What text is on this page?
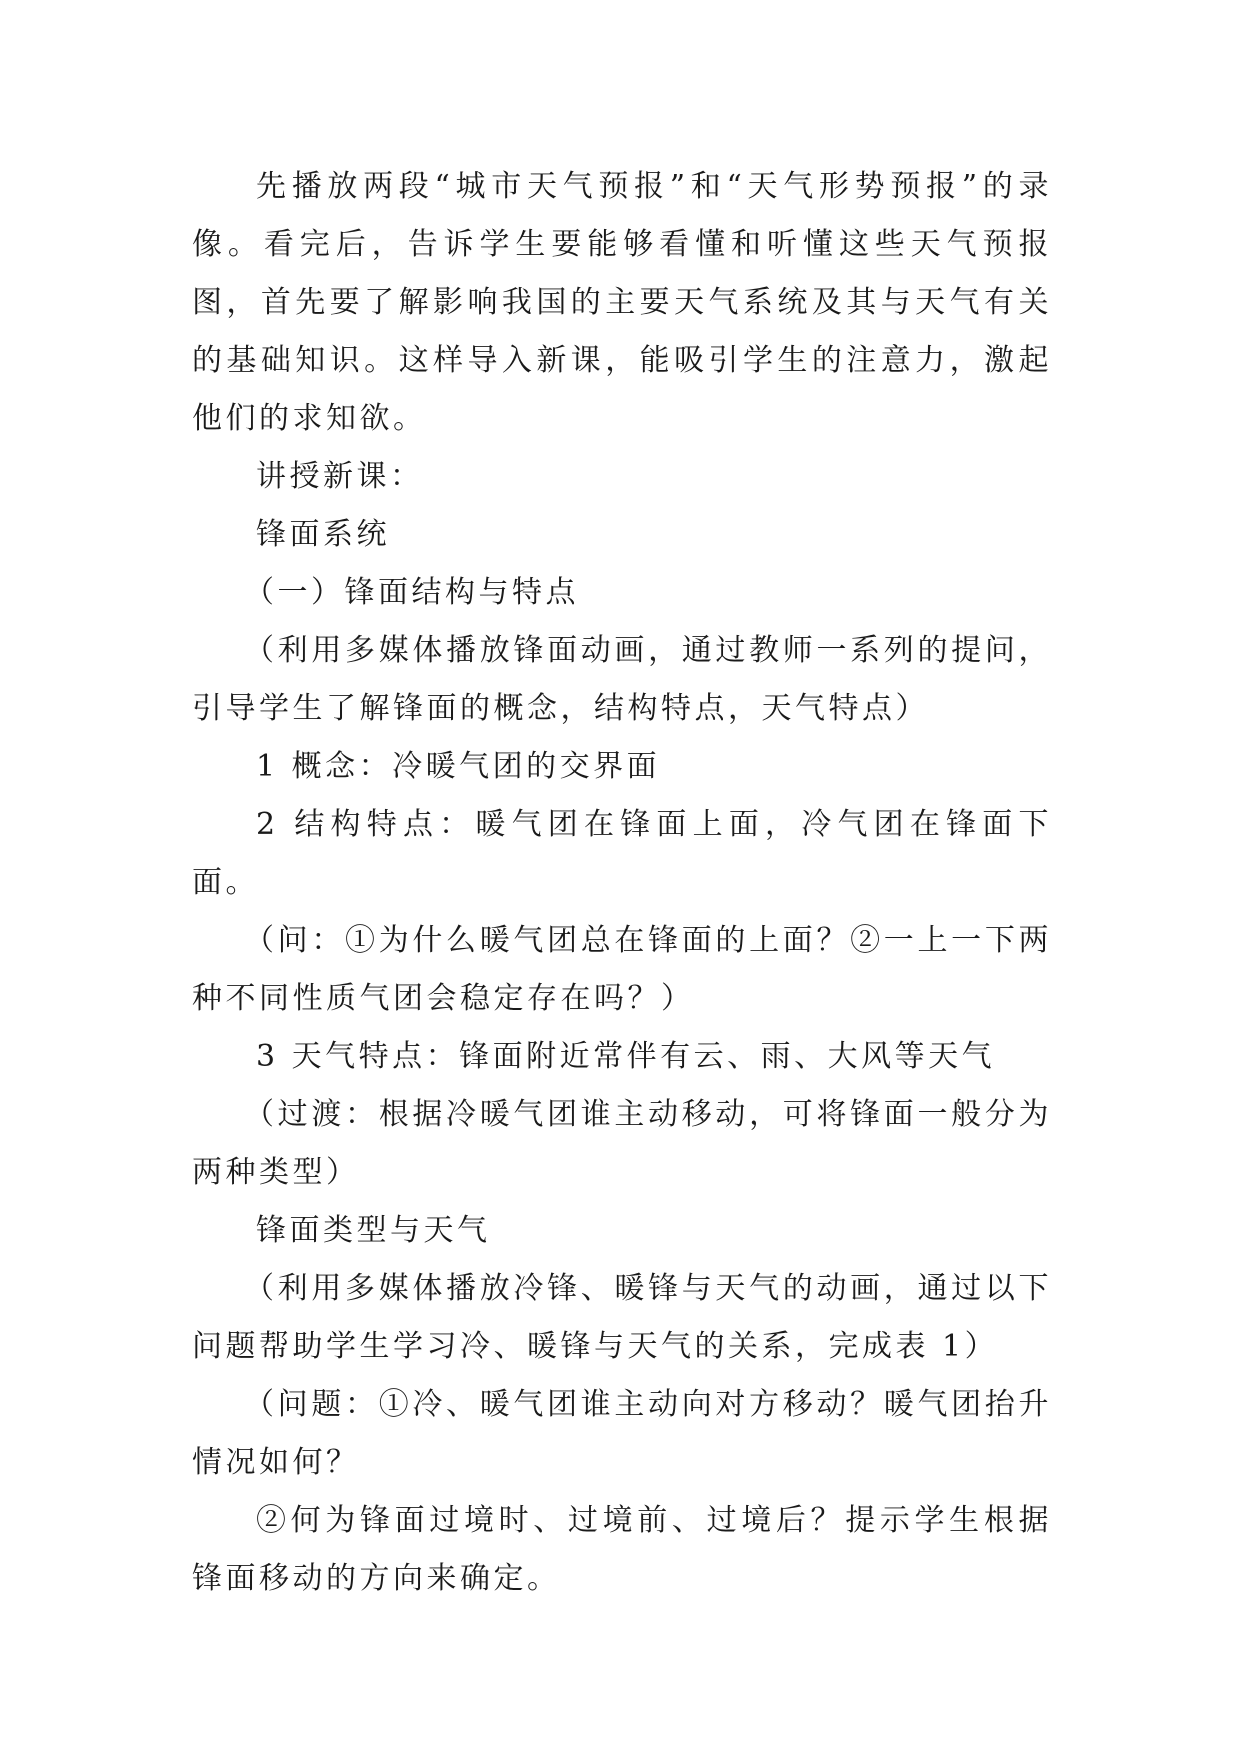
先播放两段“城市天气预报”和“天气形势预报”的录像。看完后，告诉学生要能够看懂和听懂这些天气预报图，首先要了解影响我国的主要天气系统及其与天气有关的基础知识。这样导入新课，能吸引学生的注意力，激起他们的求知欲。

讲授新课：

锋面系统

（一）锋面结构与特点

（利用多媒体播放锋面动画，通过教师一系列的提问，引导学生了解锋面的概念，结构特点，天气特点）

1 概念：冷暖气团的交界面

2 结构特点：暖气团在锋面上面，冷气团在锋面下面。

（问：①为什么暖气团总在锋面的上面？②一上一下两种不同性质气团会稳定存在吗？）

3 天气特点：锋面附近常伴有云、雨、大风等天气

（过渡：根据冷暖气团谁主动移动，可将锋面一般分为两种类型）

锋面类型与天气

（利用多媒体播放冷锋、暖锋与天气的动画，通过以下问题帮助学生学习冷、暖锋与天气的关系，完成表 1）

（问题：①冷、暖气团谁主动向对方移动？暖气团抬升情况如何？

②何为锋面过境时、过境前、过境后？提示学生根据锋面移动的方向来确定。
